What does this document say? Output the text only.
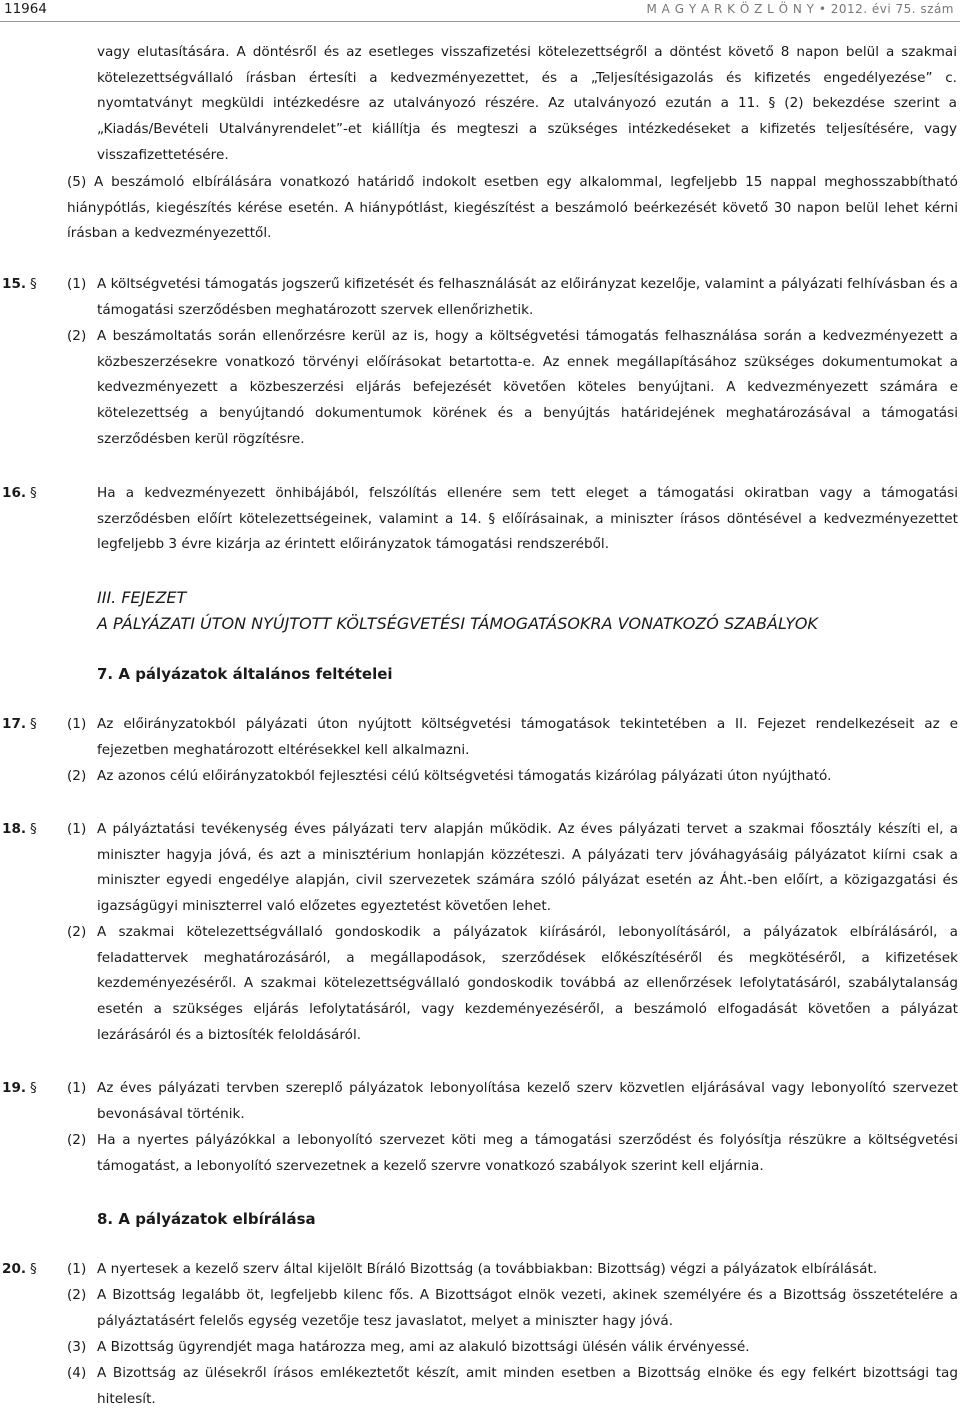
11964	M A G Y A R K Ö Z L Ö N Y • 2012. évi 75. szám
vagy elutasítására. A döntésről és az esetleges visszafizetési kötelezettségről a döntést követő 8 napon belül a szakmai kötelezettségvállaló írásban értesíti a kedvezményezettet, és a „Teljesítésigazolás és kifizetés engedélyezése” c. nyomtatványt megküldi intézkedésre az utalványozó részére. Az utalványozó ezután a 11. § (2) bekezdése szerint a „Kiadás/Bevételi Utalványrendelet”-et kiállítja és megteszi a szükséges intézkedéseket a kifizetés teljesítésére, vagy visszafizettetésére.
(5) A beszámoló elbírálására vonatkozó határidő indokolt esetben egy alkalommal, legfeljebb 15 nappal meghosszabbítható hiánypótlás, kiegészítés kérése esetén. A hiánypótlást, kiegészítést a beszámoló beérkezését követő 30 napon belül lehet kérni írásban a kedvezményezettől.
15. § (1) A költségvetési támogatás jogszerű kifizetését és felhasználását az előirányzat kezelője, valamint a pályázati felhívásban és a támogatási szerződésben meghatározott szervek ellenőrizhetik.
(2) A beszámoltatás során ellenőrzésre kerül az is, hogy a költségvetési támogatás felhasználása során a kedvezményezett a közbeszerzésekre vonatkozó törvényi előírásokat betartotta-e. Az ennek megállapításához szükséges dokumentumokat a kedvezményezett a közbeszerzési eljárás befejezését követően köteles benyújtani. A kedvezményezett számára e kötelezettség a benyújtandó dokumentumok körének és a benyújtás határidejének meghatározásával a támogatási szerződésben kerül rögzítésre.
16. §	Ha a kedvezményezett önhibájából, felszólítás ellenére sem tett eleget a támogatási okiratban vagy a támogatási szerződésben előírt kötelezettségeinek, valamint a 14. § előírásainak, a miniszter írásos döntésével a kedvezményezettet legfeljebb 3 évre kizárja az érintett előirányzatok támogatási rendszeréből.
III. FEJEZET
A PÁLYÁZATI ÚTON NYÚJTOTT KÖLTSÉGVETÉSI TÁMOGATÁSOKRA VONATKOZÓ SZABÁLYOK
7. A pályázatok általános feltételei
17. § (1) Az előirányzatokból pályázati úton nyújtott költségvetési támogatások tekintetében a II. Fejezet rendelkezéseit az e fejezetben meghatározott eltérésekkel kell alkalmazni.
(2) Az azonos célú előirányzatokból fejlesztési célú költségvetési támogatás kizárólag pályázati úton nyújtható.
18. § (1) A pályáztatási tevékenység éves pályázati terv alapján működik. Az éves pályázati tervet a szakmai főosztály készíti el, a miniszter hagyja jóvá, és azt a minisztérium honlapján közzéteszi. A pályázati terv jóváhagyásáig pályázatot kiírni csak a miniszter egyedi engedélye alapján, civil szervezetek számára szóló pályázat esetén az Áht.-ben előírt, a közigazgatási és igazságügyi miniszterrel való előzetes egyeztetést követően lehet.
(2) A szakmai kötelezettségvállaló gondoskodik a pályázatok kiírásáról, lebonyolításáról, a pályázatok elbírálásáról, a feladattervek meghatározásáról, a megállapodások, szerződések előkészítéséről és megkötéséről, a kifizetések kezdeményezéséről. A szakmai kötelezettségvállaló gondoskodik továbbá az ellenőrzések lefolytatásáról, szabálytalanság esetén a szükséges eljárás lefolytatásáról, vagy kezdeményezéséről, a beszámoló elfogadását követően a pályázat lezárásáról és a biztosíték feloldásáról.
19. § (1) Az éves pályázati tervben szereplő pályázatok lebonyolítása kezelő szerv közvetlen eljárásával vagy lebonyolító szervezet bevonásával történik.
(2) Ha a nyertes pályázókkal a lebonyolító szervezet köti meg a támogatási szerződést és folyósítja részükre a költségvetési támogatást, a lebonyolító szervezetnek a kezelő szervre vonatkozó szabályok szerint kell eljárnia.
8. A pályázatok elbírálása
20. § (1) A nyertesek a kezelő szerv által kijelölt Bíráló Bizottság (a továbbiakban: Bizottság) végzi a pályázatok elbírálását.
(2) A Bizottság legalább öt, legfeljebb kilenc fős. A Bizottságot elnök vezeti, akinek személyére és a Bizottság összetételére a pályáztatásért felelős egység vezetője tesz javaslatot, melyet a miniszter hagy jóvá.
(3) A Bizottság ügyrendjét maga határozza meg, ami az alakuló bizottsági ülésén válik érvényessé.
(4) A Bizottság az ülésekről írásos emlékeztetőt készít, amit minden esetben a Bizottság elnöke és egy felkért bizottsági tag hitelesít.
